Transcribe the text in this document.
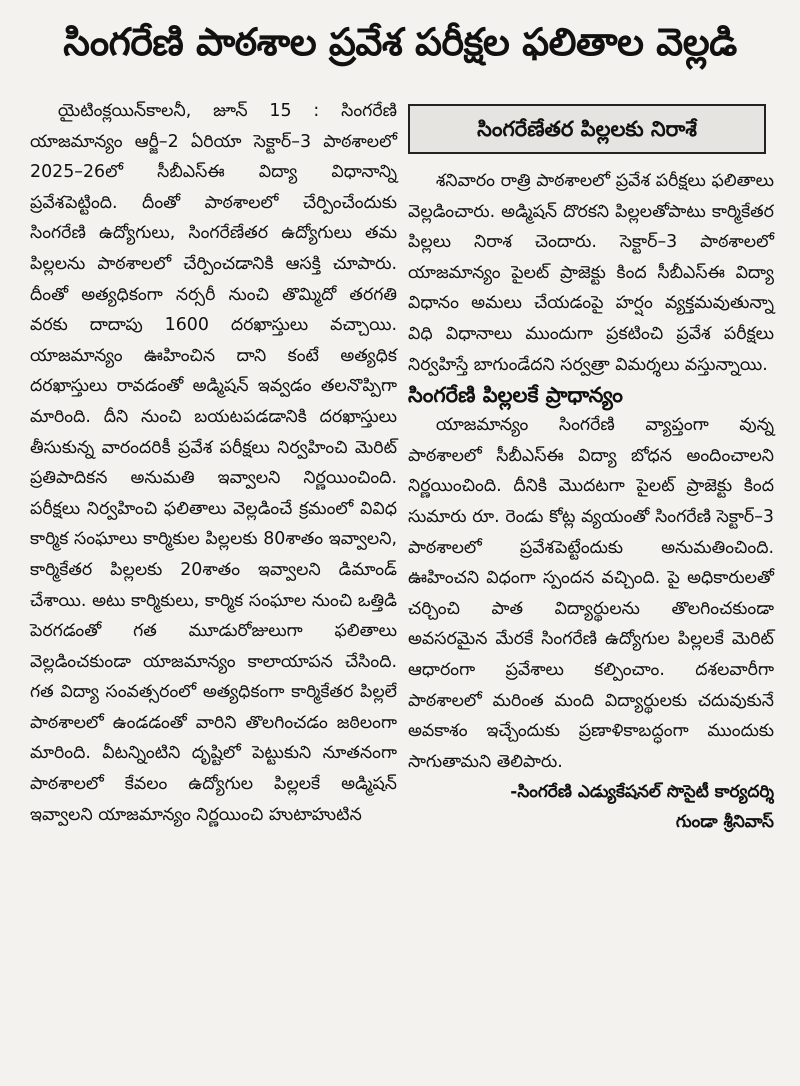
సింగరేణి పాఠశాల ప్రవేశ పరీక్షల ఫలితాల వెల్లడి

యైటింక్లయిన్‌కాలనీ, జూన్ 15 : సింగరేణి యాజమాన్యం ఆర్జీ–2 ఏరియా సెక్టార్–3 పాఠశాలలో 2025–26లో సీబీఎస్ఈ విద్యా విధానాన్ని ప్రవేశపెట్టింది. దీంతో పాఠశాలలో చేర్పించేందుకు సింగరేణి ఉద్యోగులు, సింగరేణేతర ఉద్యోగులు తమ పిల్లలను పాఠశాలలో చేర్పించడానికి ఆసక్తి చూపారు. దీంతో అత్యధికంగా నర్సరీ నుంచి తొమ్మిదో తరగతి వరకు దాదాపు 1600 దరఖాస్తులు వచ్చాయి. యాజమాన్యం ఊహించిన దాని కంటే అత్యధిక దరఖాస్తులు రావడంతో అడ్మిషన్ ఇవ్వడం తలనొప్పిగా మారింది. దీని నుంచి బయటపడడానికి దరఖాస్తులు తీసుకున్న వారందరికీ ప్రవేశ పరీక్షలు నిర్వహించి మెరిట్ ప్రతిపాదికన అనుమతి ఇవ్వాలని నిర్ణయించింది. పరీక్షలు నిర్వహించి ఫలితాలు వెల్లడించే క్రమంలో వివిధ కార్మిక సంఘాలు కార్మికుల పిల్లలకు 80శాతం ఇవ్వాలని, కార్మికేతర పిల్లలకు 20శాతం ఇవ్వాలని డిమాండ్ చేశాయి. అటు కార్మికులు, కార్మిక సంఘాల నుంచి ఒత్తిడి పెరగడంతో గత మూడురోజులుగా ఫలితాలు వెల్లడించకుండా యాజమాన్యం కాలాయాపన చేసింది. గత విద్యా సంవత్సరంలో అత్యధికంగా కార్మికేతర పిల్లలే పాఠశాలలో ఉండడంతో వారిని తొలగించడం జఠిలంగా మారింది. వీటన్నింటిని దృష్టిలో పెట్టుకుని నూతనంగా పాఠశాలలో కేవలం ఉద్యోగుల పిల్లలకే అడ్మిషన్ ఇవ్వాలని యాజమాన్యం నిర్ణయించి హుటాహుటిన

సింగరేణేతర పిల్లలకు నిరాశే

శనివారం రాత్రి పాఠశాలలో ప్రవేశ పరీక్షలు ఫలితాలు వెల్లడించారు. అడ్మిషన్ దొరకని పిల్లలతోపాటు కార్మికేతర పిల్లలు నిరాశ చెందారు. సెక్టార్–3 పాఠశాలలో యాజమాన్యం పైలట్ ప్రాజెక్టు కింద సీబీఎస్ఈ విద్యా విధానం అమలు చేయడంపై హర్షం వ్యక్తమవుతున్నా విధి విధానాలు ముందుగా ప్రకటించి ప్రవేశ పరీక్షలు నిర్వహిస్తే బాగుండేదని సర్వత్రా విమర్శలు వస్తున్నాయి.

సింగరేణి పిల్లలకే ప్రాధాన్యం

యాజమాన్యం సింగరేణి వ్యాప్తంగా వున్న పాఠశాలలో సీబీఎస్ఈ విద్యా బోధన అందించాలని నిర్ణయించింది. దీనికి మొదటగా పైలట్ ప్రాజెక్టు కింద సుమారు రూ. రెండు కోట్ల వ్యయంతో సింగరేణి సెక్టార్–3 పాఠశాలలో ప్రవేశపెట్టేందుకు అనుమతించింది. ఊహించని విధంగా స్పందన వచ్చింది. పై అధికారులతో చర్చించి పాత విద్యార్థులను తొలగించకుండా అవసరమైన మేరకే సింగరేణి ఉద్యోగుల పిల్లలకే మెరిట్ ఆధారంగా ప్రవేశాలు కల్పించాం. దశలవారీగా పాఠశాలలో మరింత మంది విద్యార్థులకు చదువుకునే అవకాశం ఇచ్చేందుకు ప్రణాళికాబద్ధంగా ముందుకు సాగుతామని తెలిపారు.

-సింగరేణి ఎడ్యుకేషనల్ సొసైటీ కార్యదర్శి

గుండా శ్రీనివాస్
